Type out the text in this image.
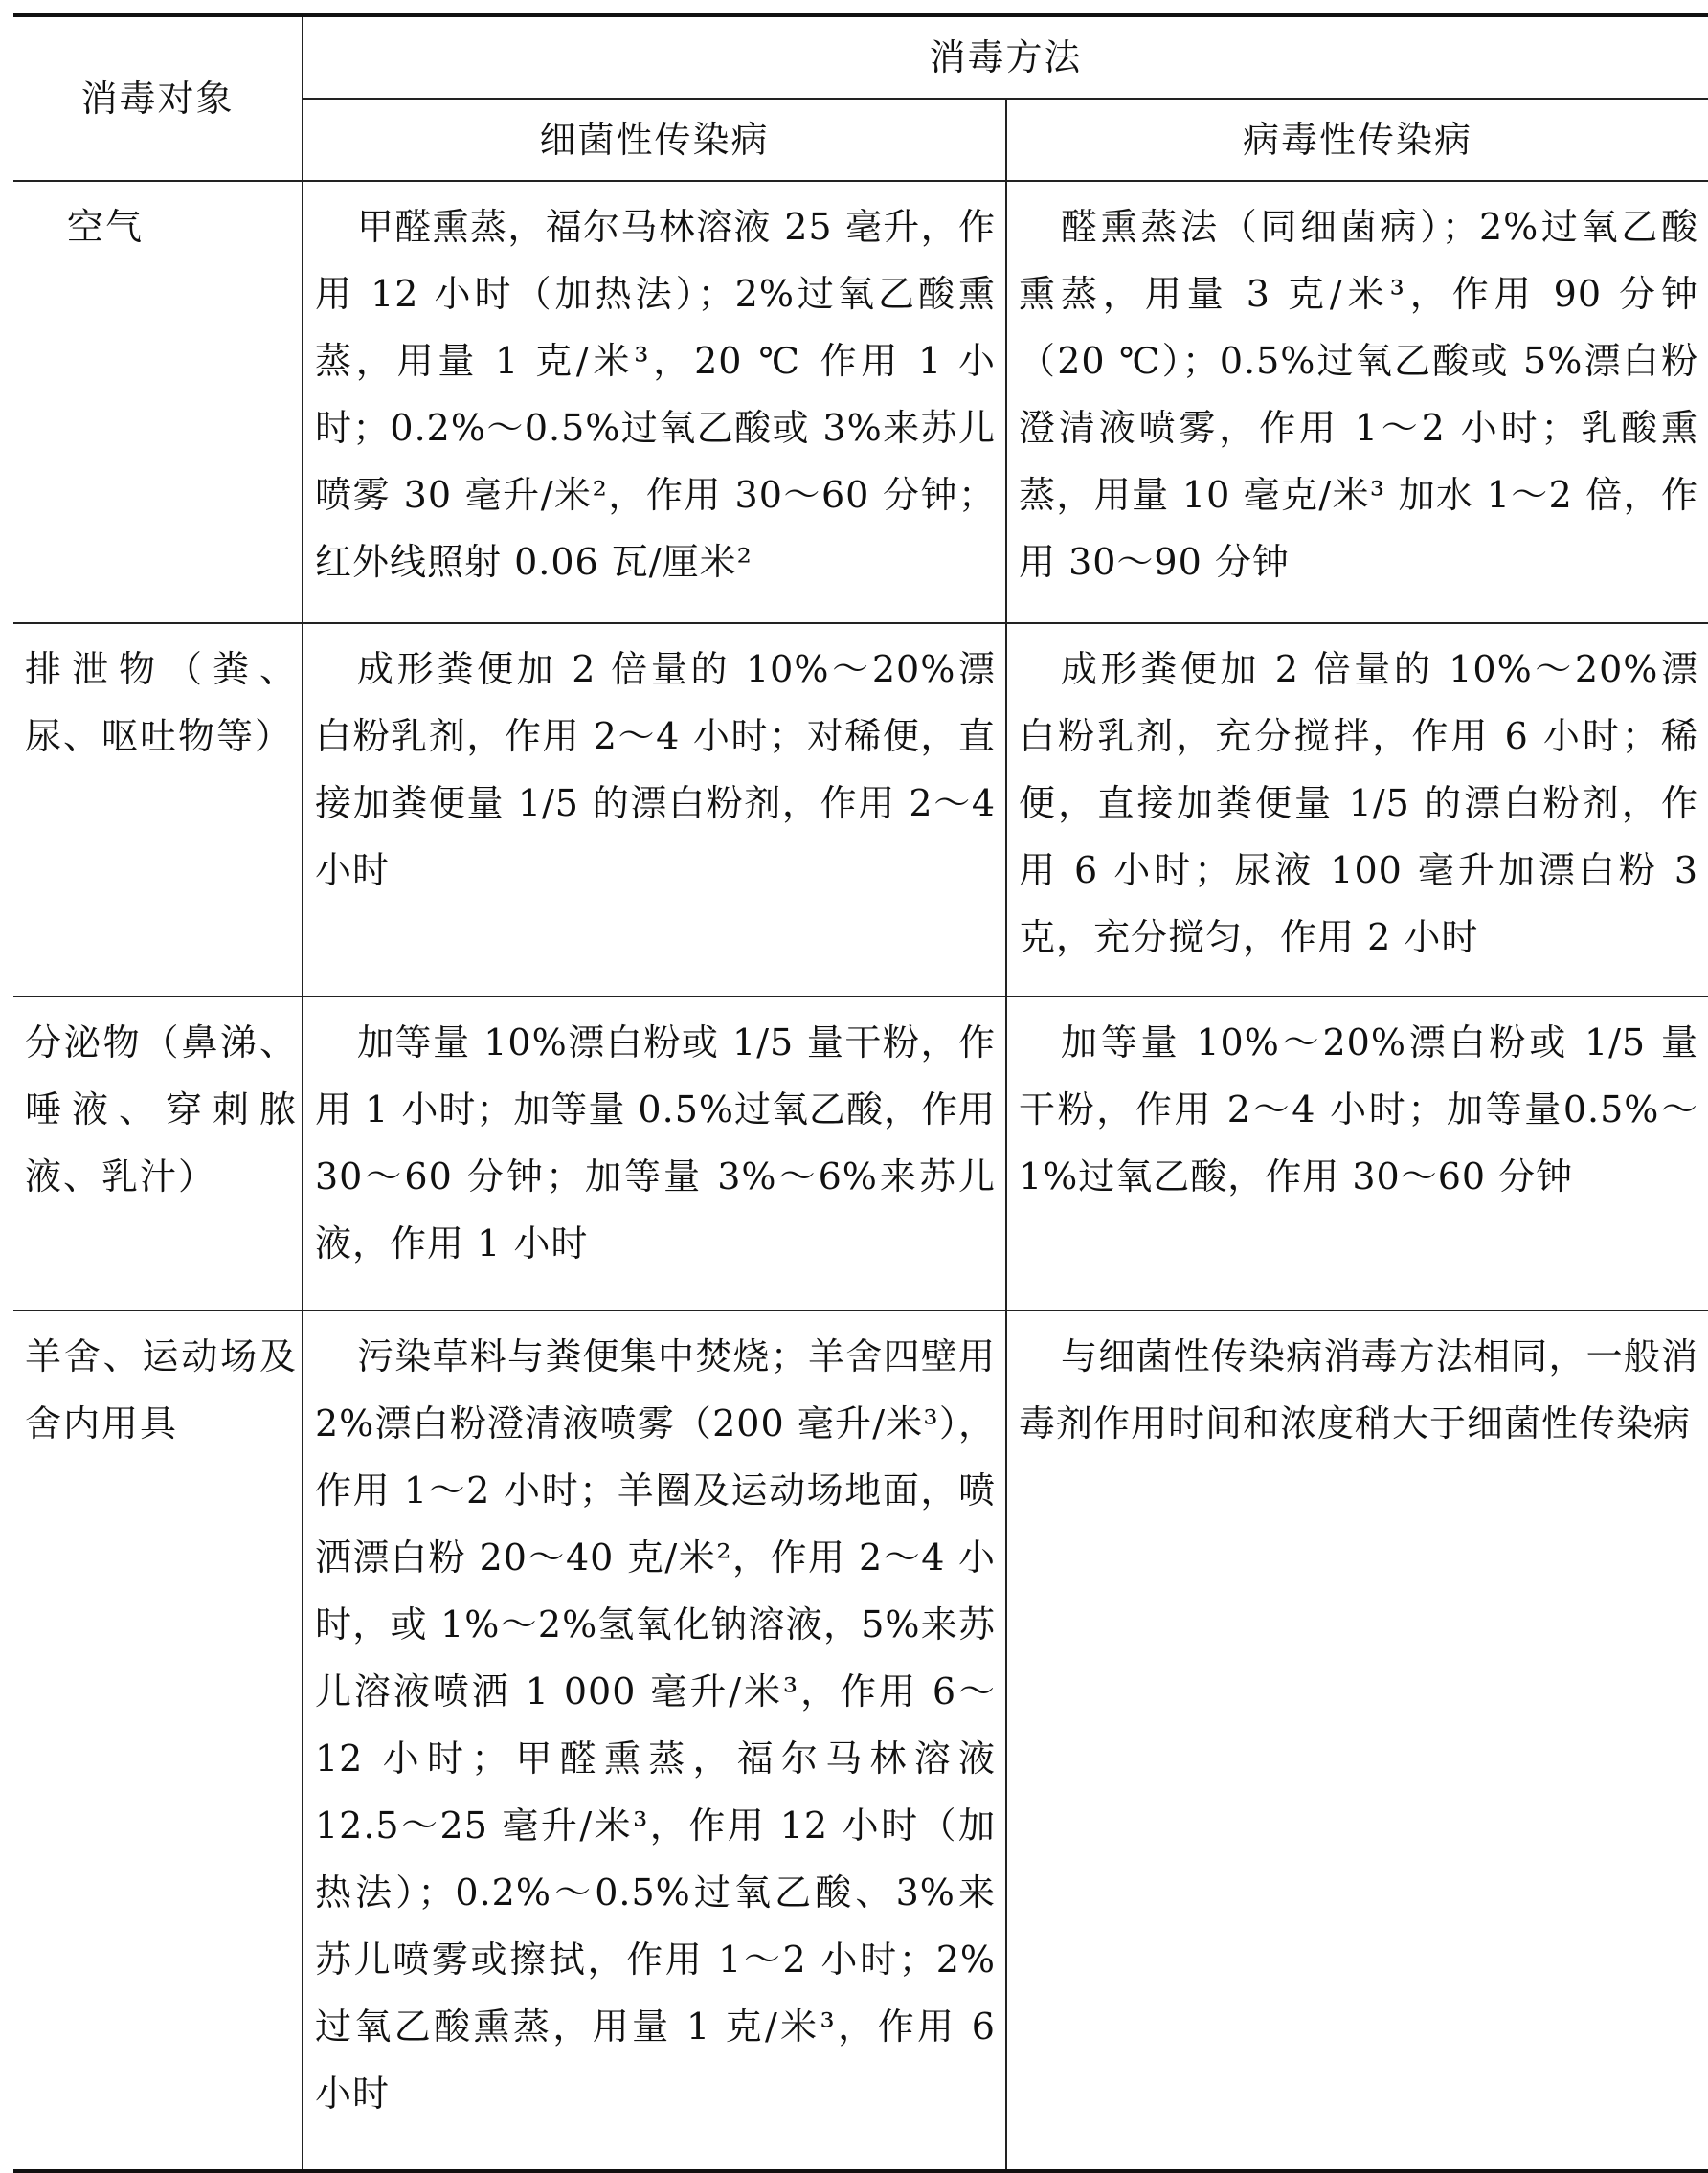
消毒对象	消毒方法	
	细菌性传染病	病毒性传染病
空气	甲醛熏蒸，福尔马林溶液 25 毫升，作用 12 小时（加热法）；2%过氧乙酸熏蒸，用量 1 克/米³，20 ℃ 作用 1 小时；0.2%～0.5%过氧乙酸或 3%来苏儿喷雾 30 毫升/米²，作用 30～60 分钟；红外线照射 0.06 瓦/厘米²	醛熏蒸法（同细菌病）；2%过氧乙酸熏蒸，用量 3 克/米³，作用 90 分钟（20 ℃）；0.5%过氧乙酸或 5%漂白粉澄清液喷雾，作用 1～2 小时；乳酸熏蒸，用量 10 毫克/米³ 加水 1～2 倍，作用 30～90 分钟
排泄物（粪、尿、呕吐物等）	成形粪便加 2 倍量的 10%～20%漂白粉乳剂，作用 2～4 小时；对稀便，直接加粪便量 1/5 的漂白粉剂，作用 2～4 小时	成形粪便加 2 倍量的 10%～20%漂白粉乳剂，充分搅拌，作用 6 小时；稀便，直接加粪便量 1/5 的漂白粉剂，作用 6 小时；尿液 100 毫升加漂白粉 3 克，充分搅匀，作用 2 小时
分泌物（鼻涕、唾液、穿刺脓液、乳汁）	加等量 10%漂白粉或 1/5 量干粉，作用 1 小时；加等量 0.5%过氧乙酸，作用 30～60 分钟；加等量 3%～6%来苏儿液，作用 1 小时	加等量 10%～20%漂白粉或 1/5 量干粉，作用 2～4 小时；加等量0.5%～1%过氧乙酸，作用 30～60 分钟
羊舍、运动场及舍内用具	污染草料与粪便集中焚烧；羊舍四壁用 2%漂白粉澄清液喷雾（200 毫升/米³），作用 1～2 小时；羊圈及运动场地面，喷洒漂白粉 20～40 克/米²，作用 2～4 小时，或 1%～2%氢氧化钠溶液，5%来苏儿溶液喷洒 1 000 毫升/米³，作用 6～12 小时；甲醛熏蒸，福尔马林溶液 12.5～25 毫升/米³，作用 12 小时（加热法）；0.2%～0.5%过氧乙酸、3%来苏儿喷雾或擦拭，作用 1～2 小时；2%过氧乙酸熏蒸，用量 1 克/米³，作用 6 小时	与细菌性传染病消毒方法相同，一般消毒剂作用时间和浓度稍大于细菌性传染病
